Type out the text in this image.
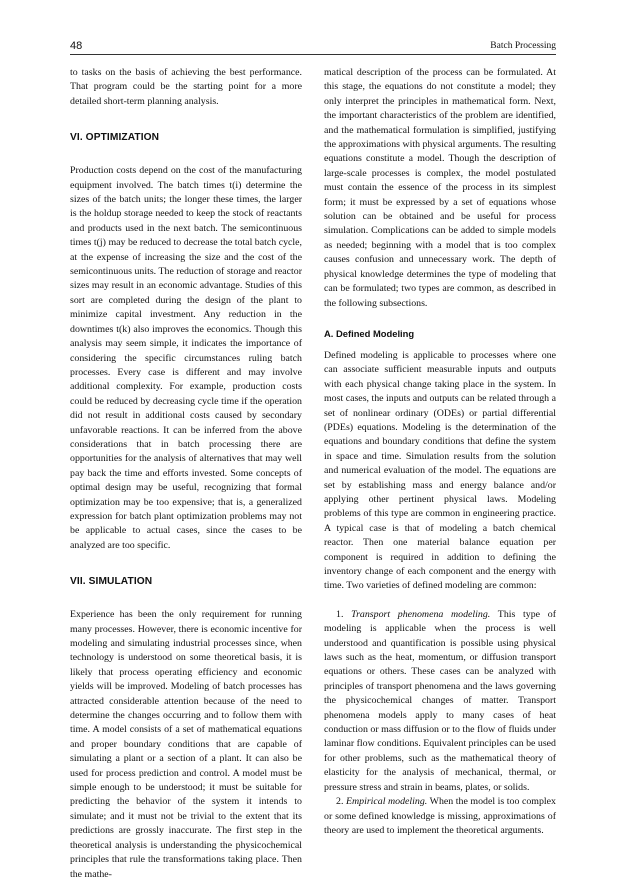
48	Batch Processing

to tasks on the basis of achieving the best performance. That program could be the starting point for a more detailed short-term planning analysis.

VI. OPTIMIZATION

Production costs depend on the cost of the manufacturing equipment involved. The batch times t(i) determine the sizes of the batch units; the longer these times, the larger is the holdup storage needed to keep the stock of reactants and products used in the next batch. The semicontinuous times t(j) may be reduced to decrease the total batch cycle, at the expense of increasing the size and the cost of the semicontinuous units. The reduction of storage and reactor sizes may result in an economic advantage. Studies of this sort are completed during the design of the plant to minimize capital investment. Any reduction in the downtimes t(k) also improves the economics. Though this analysis may seem simple, it indicates the importance of considering the specific circumstances ruling batch processes. Every case is different and may involve additional complexity. For example, production costs could be reduced by decreasing cycle time if the operation did not result in additional costs caused by secondary unfavorable reactions. It can be inferred from the above considerations that in batch processing there are opportunities for the analysis of alternatives that may well pay back the time and efforts invested. Some concepts of optimal design may be useful, recognizing that formal optimization may be too expensive; that is, a generalized expression for batch plant optimization problems may not be applicable to actual cases, since the cases to be analyzed are too specific.

VII. SIMULATION

Experience has been the only requirement for running many processes. However, there is economic incentive for modeling and simulating industrial processes since, when technology is understood on some theoretical basis, it is likely that process operating efficiency and economic yields will be improved. Modeling of batch processes has attracted considerable attention because of the need to determine the changes occurring and to follow them with time. A model consists of a set of mathematical equations and proper boundary conditions that are capable of simulating a plant or a section of a plant. It can also be used for process prediction and control. A model must be simple enough to be understood; it must be suitable for predicting the behavior of the system it intends to simulate; and it must not be trivial to the extent that its predictions are grossly inaccurate. The first step in the theoretical analysis is understanding the physicochemical principles that rule the transformations taking place. Then the mathe-

matical description of the process can be formulated. At this stage, the equations do not constitute a model; they only interpret the principles in mathematical form. Next, the important characteristics of the problem are identified, and the mathematical formulation is simplified, justifying the approximations with physical arguments. The resulting equations constitute a model. Though the description of large-scale processes is complex, the model postulated must contain the essence of the process in its simplest form; it must be expressed by a set of equations whose solution can be obtained and be useful for process simulation. Complications can be added to simple models as needed; beginning with a model that is too complex causes confusion and unnecessary work. The depth of physical knowledge determines the type of modeling that can be formulated; two types are common, as described in the following subsections.

A. Defined Modeling

Defined modeling is applicable to processes where one can associate sufficient measurable inputs and outputs with each physical change taking place in the system. In most cases, the inputs and outputs can be related through a set of nonlinear ordinary (ODEs) or partial differential (PDEs) equations. Modeling is the determination of the equations and boundary conditions that define the system in space and time. Simulation results from the solution and numerical evaluation of the model. The equations are set by establishing mass and energy balance and/or applying other pertinent physical laws. Modeling problems of this type are common in engineering practice. A typical case is that of modeling a batch chemical reactor. Then one material balance equation per component is required in addition to defining the inventory change of each component and the energy with time. Two varieties of defined modeling are common:

1. Transport phenomena modeling. This type of modeling is applicable when the process is well understood and quantification is possible using physical laws such as the heat, momentum, or diffusion transport equations or others. These cases can be analyzed with principles of transport phenomena and the laws governing the physicochemical changes of matter. Transport phenomena models apply to many cases of heat conduction or mass diffusion or to the flow of fluids under laminar flow conditions. Equivalent principles can be used for other problems, such as the mathematical theory of elasticity for the analysis of mechanical, thermal, or pressure stress and strain in beams, plates, or solids.

2. Empirical modeling. When the model is too complex or some defined knowledge is missing, approximations of theory are used to implement the theoretical arguments.
